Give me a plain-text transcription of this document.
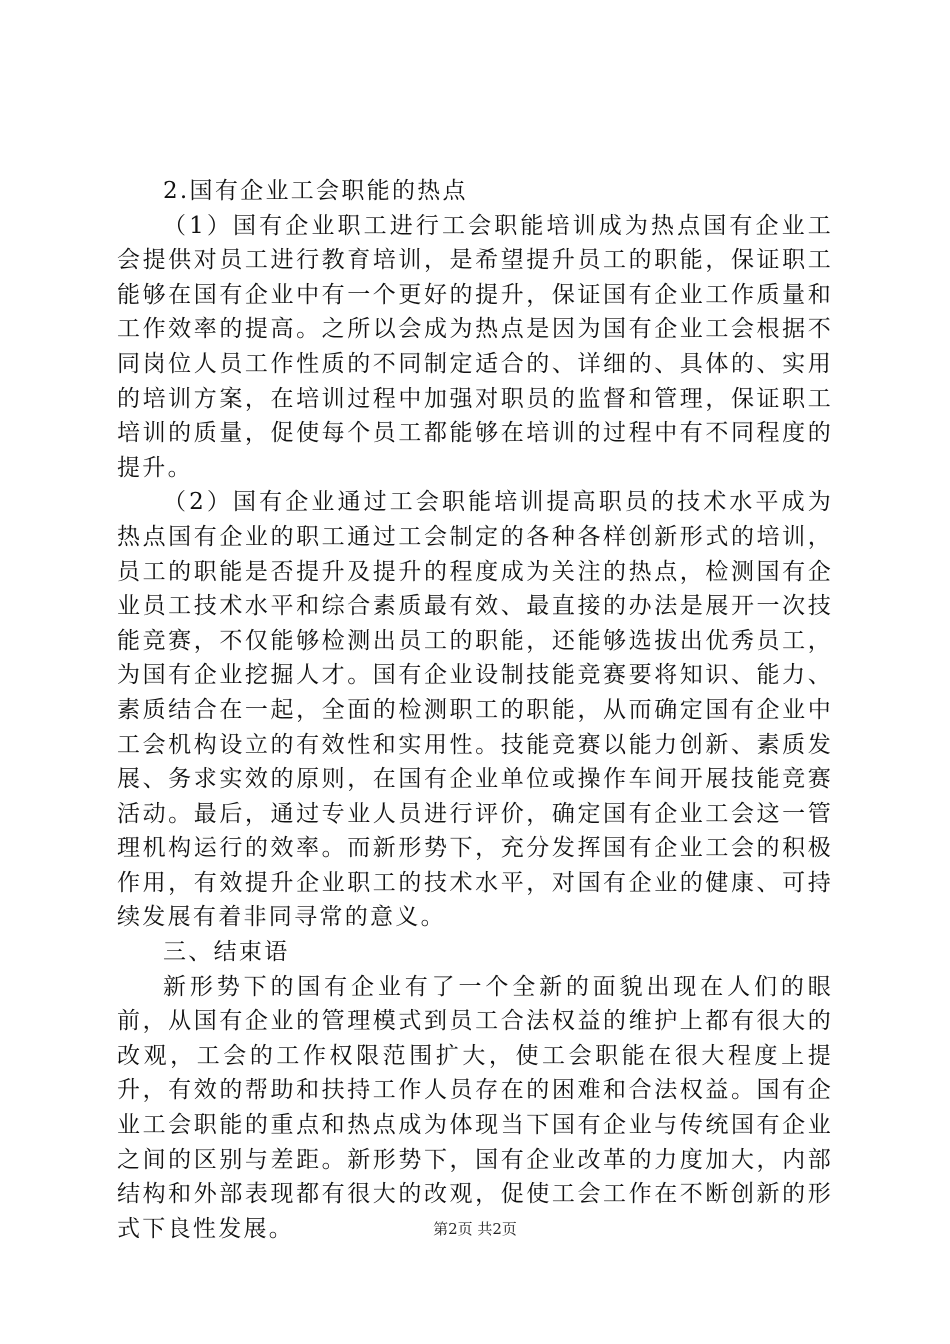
2.国有企业工会职能的热点

（1）国有企业职工进行工会职能培训成为热点国有企业工会提供对员工进行教育培训，是希望提升员工的职能，保证职工能够在国有企业中有一个更好的提升，保证国有企业工作质量和工作效率的提高。之所以会成为热点是因为国有企业工会根据不同岗位人员工作性质的不同制定适合的、详细的、具体的、实用的培训方案，在培训过程中加强对职员的监督和管理，保证职工培训的质量，促使每个员工都能够在培训的过程中有不同程度的提升。

（2）国有企业通过工会职能培训提高职员的技术水平成为热点国有企业的职工通过工会制定的各种各样创新形式的培训，员工的职能是否提升及提升的程度成为关注的热点，检测国有企业员工技术水平和综合素质最有效、最直接的办法是展开一次技能竞赛，不仅能够检测出员工的职能，还能够选拔出优秀员工，为国有企业挖掘人才。国有企业设制技能竞赛要将知识、能力、素质结合在一起，全面的检测职工的职能，从而确定国有企业中工会机构设立的有效性和实用性。技能竞赛以能力创新、素质发展、务求实效的原则，在国有企业单位或操作车间开展技能竞赛活动。最后，通过专业人员进行评价，确定国有企业工会这一管理机构运行的效率。而新形势下，充分发挥国有企业工会的积极作用，有效提升企业职工的技术水平，对国有企业的健康、可持续发展有着非同寻常的意义。

三、结束语

新形势下的国有企业有了一个全新的面貌出现在人们的眼前，从国有企业的管理模式到员工合法权益的维护上都有很大的改观，工会的工作权限范围扩大，使工会职能在很大程度上提升，有效的帮助和扶持工作人员存在的困难和合法权益。国有企业工会职能的重点和热点成为体现当下国有企业与传统国有企业之间的区别与差距。新形势下，国有企业改革的力度加大，内部结构和外部表现都有很大的改观，促使工会工作在不断创新的形式下良性发展。	第2页 共2页
